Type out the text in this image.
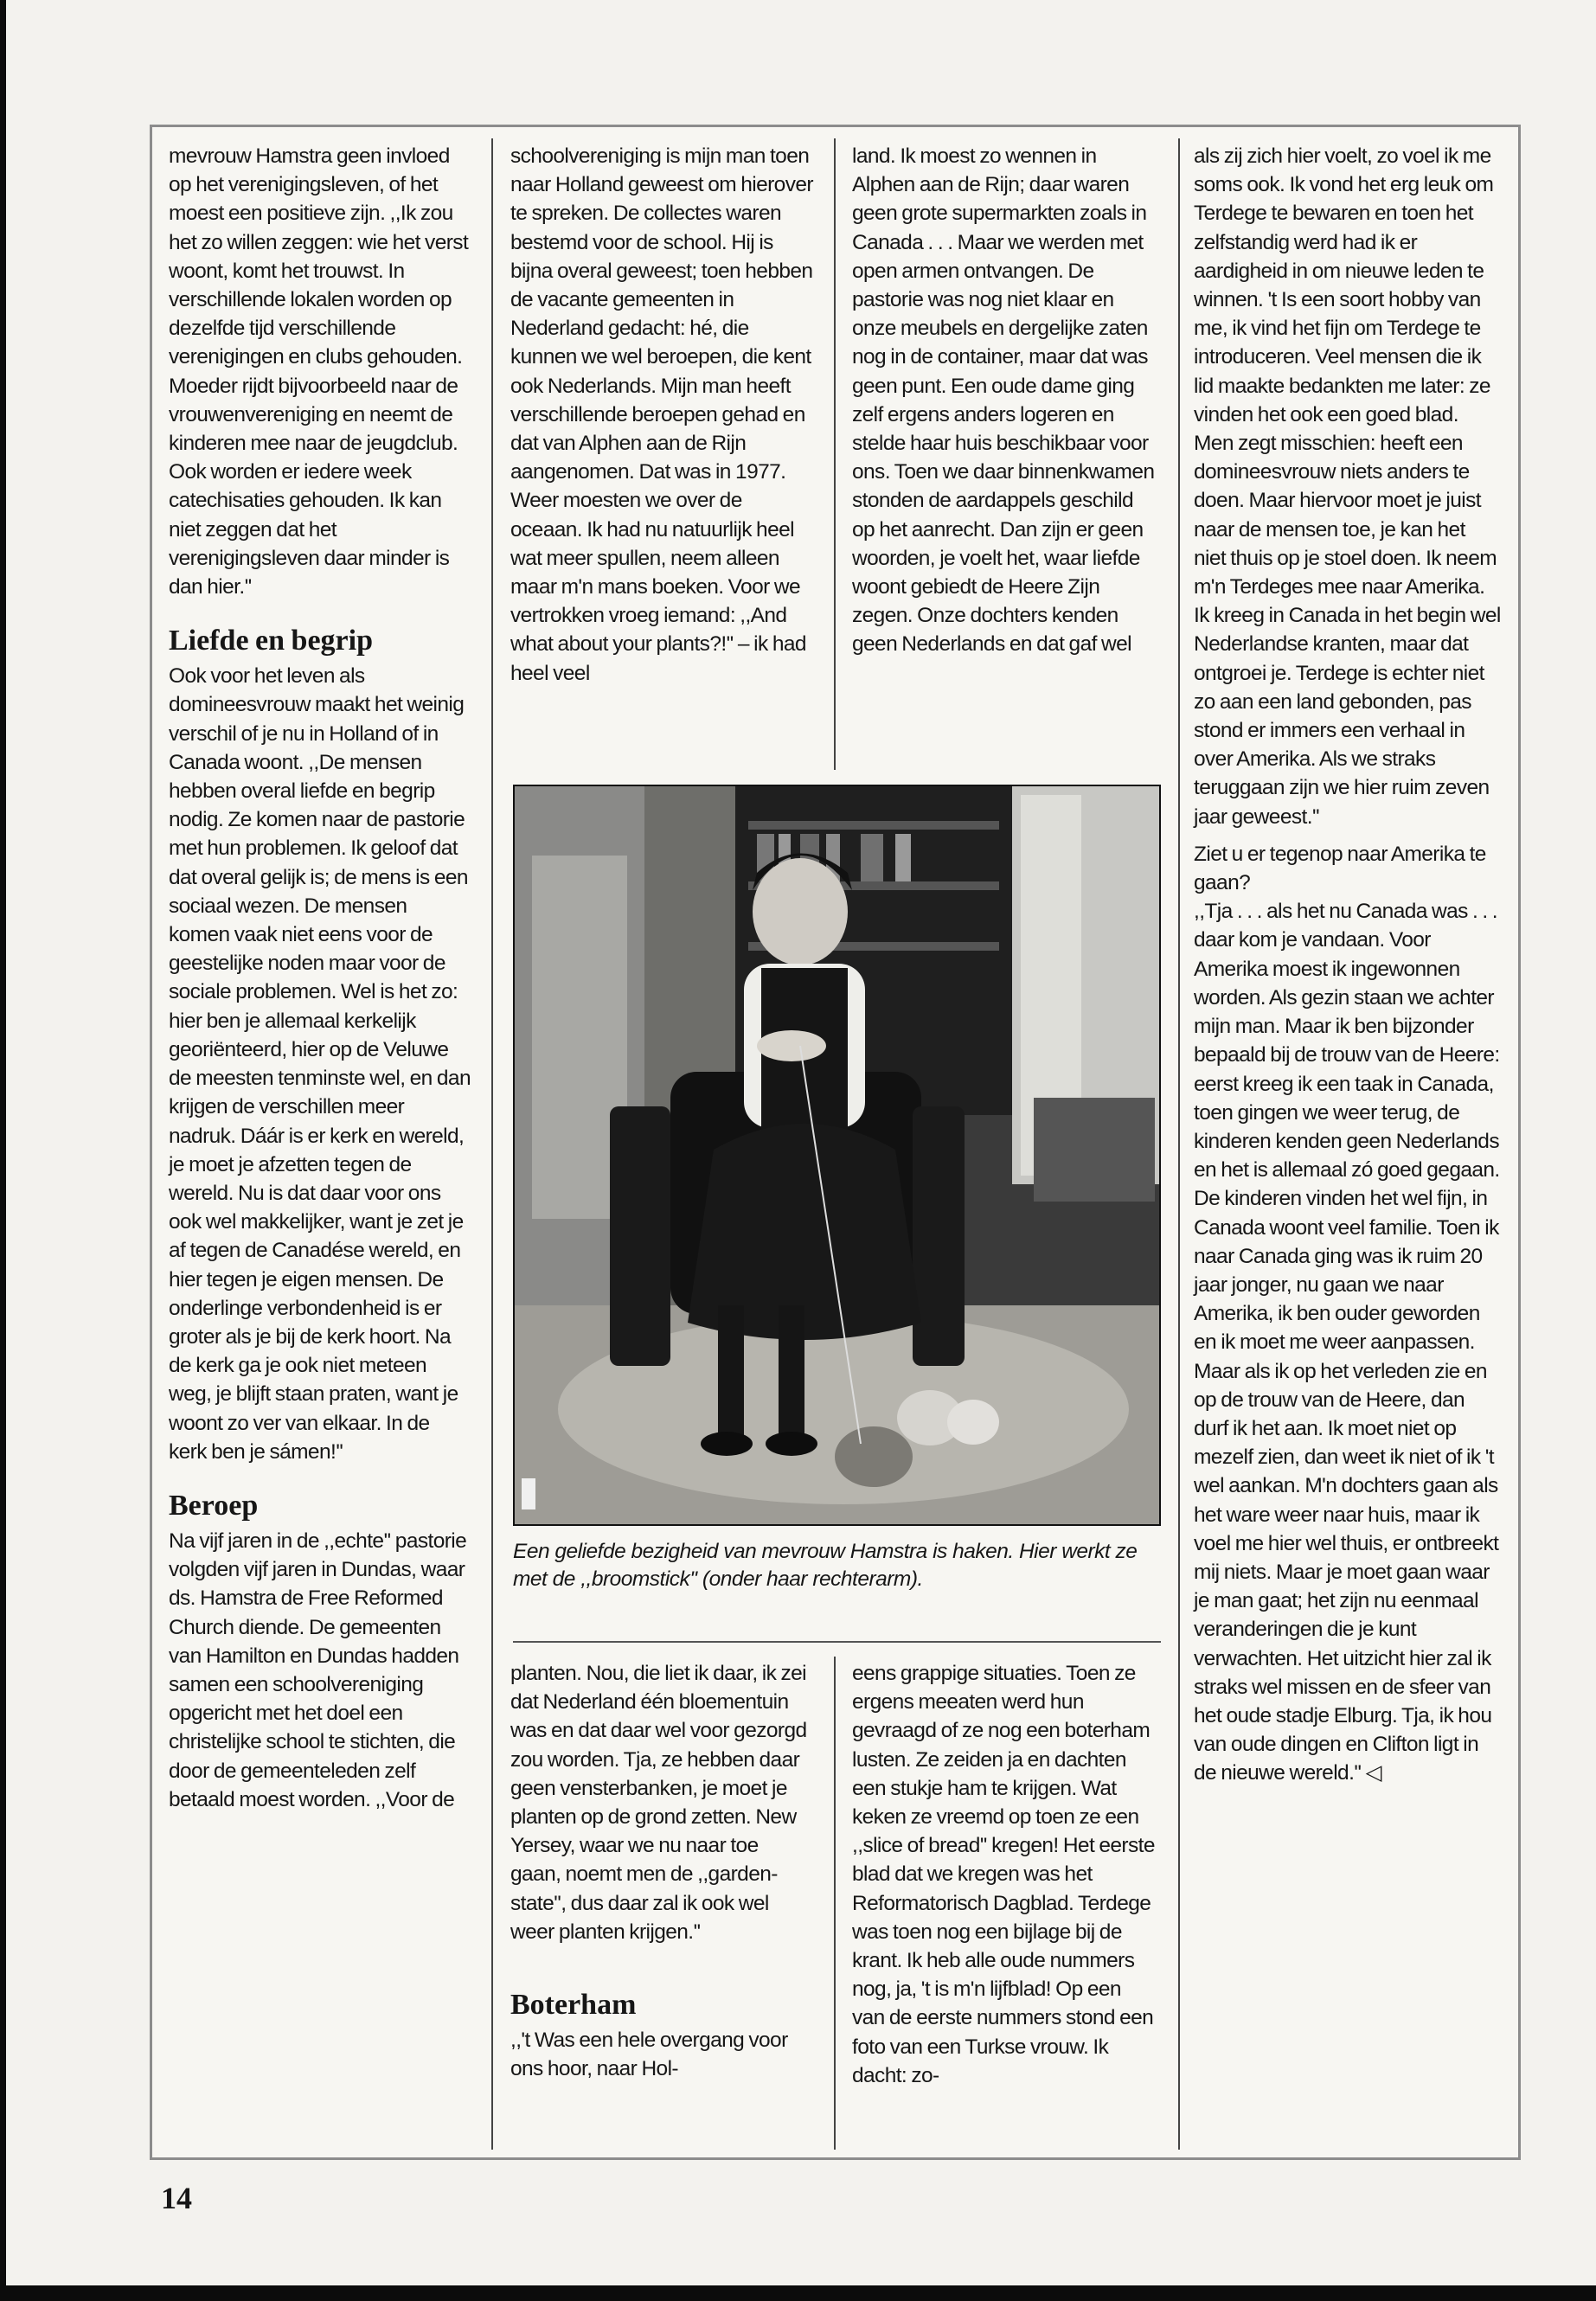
mevrouw Hamstra geen invloed op het verenigingsleven, of het moest een positieve zijn. ,,Ik zou het zo willen zeggen: wie het verst woont, komt het trouwst. In verschillende lokalen worden op dezelfde tijd verschillende verenigingen en clubs gehouden. Moeder rijdt bijvoorbeeld naar de vrouwenvereniging en neemt de kinderen mee naar de jeugdclub. Ook worden er iedere week catechisaties gehouden. Ik kan niet zeggen dat het verenigingsleven daar minder is dan hier.''

Liefde en begrip

Ook voor het leven als domineesvrouw maakt het weinig verschil of je nu in Holland of in Canada woont. ,,De mensen hebben overal liefde en begrip nodig. Ze komen naar de pastorie met hun problemen. Ik geloof dat dat overal gelijk is; de mens is een sociaal wezen. De mensen komen vaak niet eens voor de geestelijke noden maar voor de sociale problemen. Wel is het zo: hier ben je allemaal kerkelijk georiënteerd, hier op de Veluwe de meesten tenminste wel, en dan krijgen de verschillen meer nadruk. Dáár is er kerk en wereld, je moet je afzetten tegen de wereld. Nu is dat daar voor ons ook wel makkelijker, want je zet je af tegen de Canadése wereld, en hier tegen je eigen mensen. De onderlinge verbondenheid is er groter als je bij de kerk hoort. Na de kerk ga je ook niet meteen weg, je blijft staan praten, want je woont zo ver van elkaar. In de kerk ben je sámen!''

Beroep

Na vijf jaren in de ,,echte'' pastorie volgden vijf jaren in Dundas, waar ds. Hamstra de Free Reformed Church diende. De gemeenten van Hamilton en Dundas hadden samen een schoolvereniging opgericht met het doel een christelijke school te stichten, die door de gemeenteleden zelf betaald moest worden. ,,Voor de

schoolvereniging is mijn man toen naar Holland geweest om hierover te spreken. De collectes waren bestemd voor de school. Hij is bijna overal geweest; toen hebben de vacante gemeenten in Nederland gedacht: hé, die kunnen we wel beroepen, die kent ook Nederlands. Mijn man heeft verschillende beroepen gehad en dat van Alphen aan de Rijn aangenomen. Dat was in 1977. Weer moesten we over de oceaan. Ik had nu natuurlijk heel wat meer spullen, neem alleen maar m'n mans boeken. Voor we vertrokken vroeg iemand: ,,And what about your plants?!'' – ik had heel veel

land. Ik moest zo wennen in Alphen aan de Rijn; daar waren geen grote supermarkten zoals in Canada . . . Maar we werden met open armen ontvangen. De pastorie was nog niet klaar en onze meubels en dergelijke zaten nog in de container, maar dat was geen punt. Een oude dame ging zelf ergens anders logeren en stelde haar huis beschikbaar voor ons. Toen we daar binnenkwamen stonden de aardappels geschild op het aanrecht. Dan zijn er geen woorden, je voelt het, waar liefde woont gebiedt de Heere Zijn zegen. Onze dochters kenden geen Nederlands en dat gaf wel

Een geliefde bezigheid van mevrouw Hamstra is haken. Hier werkt ze met de ,,broomstick'' (onder haar rechterarm).

planten. Nou, die liet ik daar, ik zei dat Nederland één bloementuin was en dat daar wel voor gezorgd zou worden. Tja, ze hebben daar geen vensterbanken, je moet je planten op de grond zetten. New Yersey, waar we nu naar toe gaan, noemt men de ,,garden-state'', dus daar zal ik ook wel weer planten krijgen.''

Boterham

,,'t Was een hele overgang voor ons hoor, naar Hol-

eens grappige situaties. Toen ze ergens meeaten werd hun gevraagd of ze nog een boterham lusten. Ze zeiden ja en dachten een stukje ham te krijgen. Wat keken ze vreemd op toen ze een ,,slice of bread'' kregen! Het eerste blad dat we kregen was het Reformatorisch Dagblad. Terdege was toen nog een bijlage bij de krant. Ik heb alle oude nummers nog, ja, 't is m'n lijfblad! Op een van de eerste nummers stond een foto van een Turkse vrouw. Ik dacht: zo-

als zij zich hier voelt, zo voel ik me soms ook. Ik vond het erg leuk om Terdege te bewaren en toen het zelfstandig werd had ik er aardigheid in om nieuwe leden te winnen. 't Is een soort hobby van me, ik vind het fijn om Terdege te introduceren. Veel mensen die ik lid maakte bedankten me later: ze vinden het ook een goed blad. Men zegt misschien: heeft een domineesvrouw niets anders te doen. Maar hiervoor moet je juist naar de mensen toe, je kan het niet thuis op je stoel doen. Ik neem m'n Terdeges mee naar Amerika. Ik kreeg in Canada in het begin wel Nederlandse kranten, maar dat ontgroei je. Terdege is echter niet zo aan een land gebonden, pas stond er immers een verhaal in over Amerika. Als we straks teruggaan zijn we hier ruim zeven jaar geweest.''

Ziet u er tegenop naar Amerika te gaan?

,,Tja . . . als het nu Canada was . . . daar kom je vandaan. Voor Amerika moest ik ingewonnen worden. Als gezin staan we achter mijn man. Maar ik ben bijzonder bepaald bij de trouw van de Heere: eerst kreeg ik een taak in Canada, toen gingen we weer terug, de kinderen kenden geen Nederlands en het is allemaal zó goed gegaan. De kinderen vinden het wel fijn, in Canada woont veel familie. Toen ik naar Canada ging was ik ruim 20 jaar jonger, nu gaan we naar Amerika, ik ben ouder geworden en ik moet me weer aanpassen. Maar als ik op het verleden zie en op de trouw van de Heere, dan durf ik het aan. Ik moet niet op mezelf zien, dan weet ik niet of ik 't wel aankan. M'n dochters gaan als het ware weer naar huis, maar ik voel me hier wel thuis, er ontbreekt mij niets. Maar je moet gaan waar je man gaat; het zijn nu eenmaal veranderingen die je kunt verwachten. Het uitzicht hier zal ik straks wel missen en de sfeer van het oude stadje Elburg. Tja, ik hou van oude dingen en Clifton ligt in de nieuwe wereld.'' ◁

14
